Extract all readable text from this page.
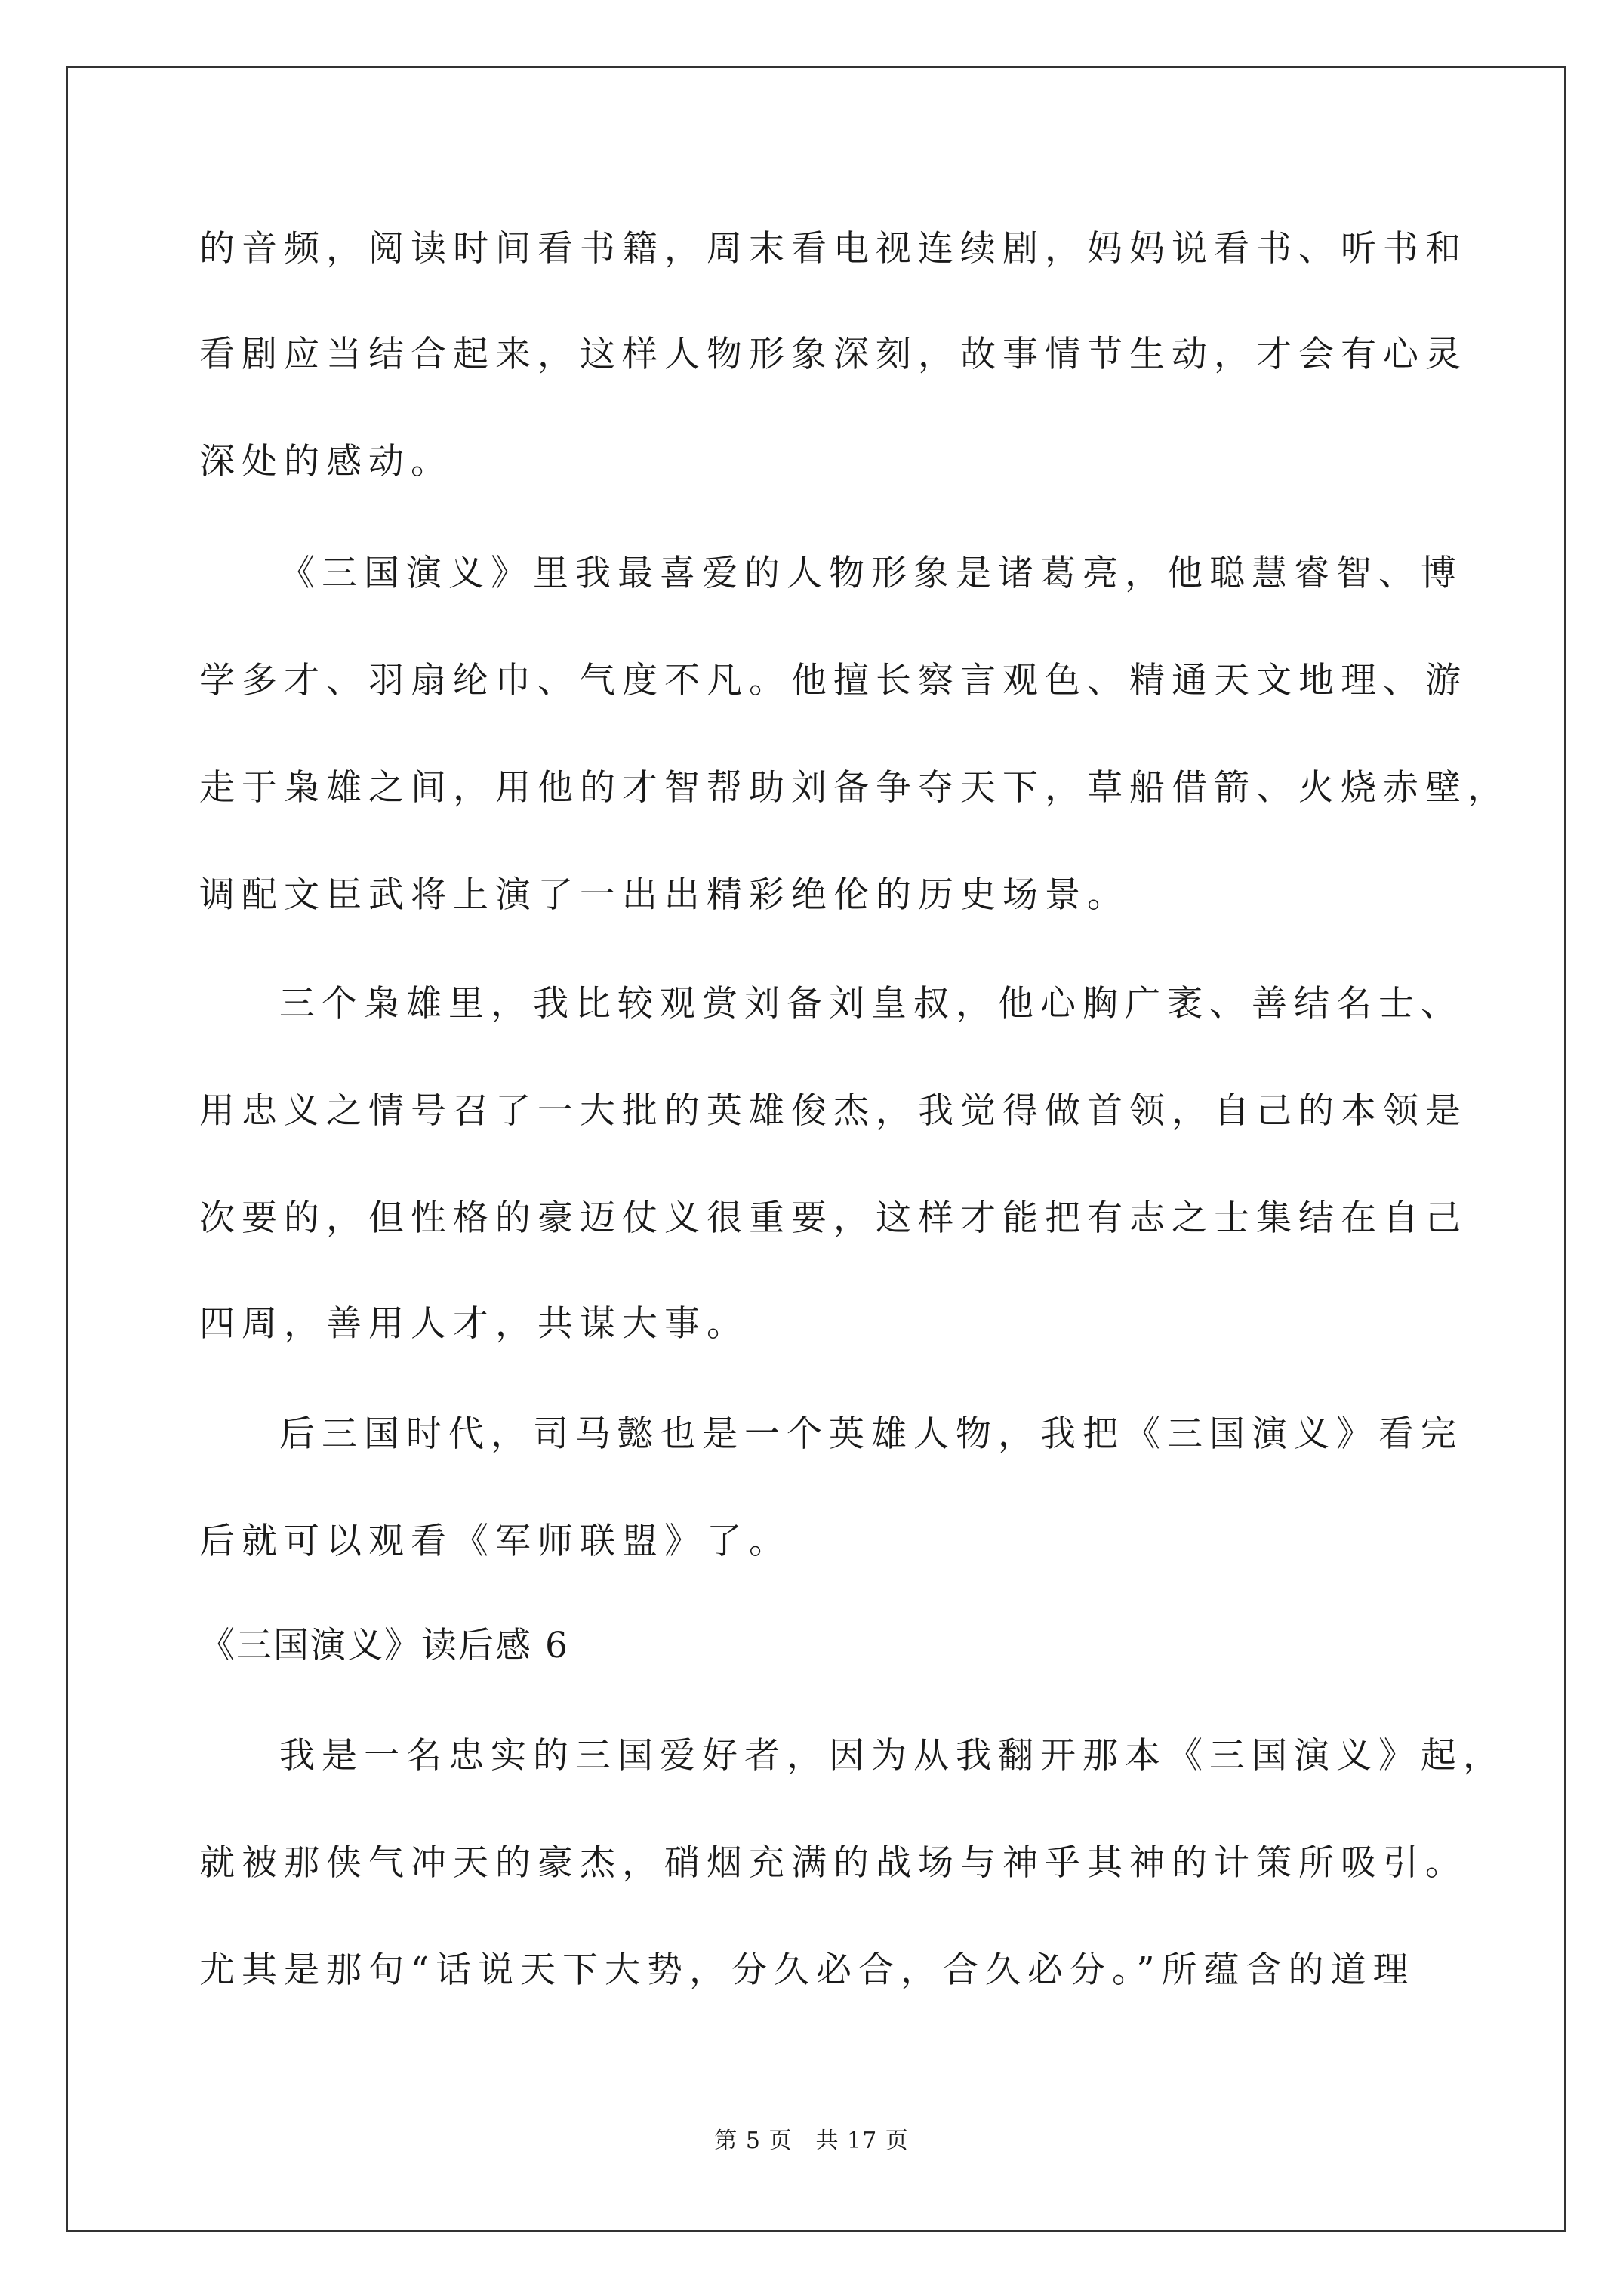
的音频，阅读时间看书籍，周末看电视连续剧，妈妈说看书、听书和
看剧应当结合起来，这样人物形象深刻，故事情节生动，才会有心灵
深处的感动。
《三国演义》里我最喜爱的人物形象是诸葛亮，他聪慧睿智、博
学多才、羽扇纶巾、气度不凡。他擅长察言观色、精通天文地理、游
走于枭雄之间，用他的才智帮助刘备争夺天下，草船借箭、火烧赤壁，
调配文臣武将上演了一出出精彩绝伦的历史场景。
三个枭雄里，我比较观赏刘备刘皇叔，他心胸广袤、善结名士、
用忠义之情号召了一大批的英雄俊杰，我觉得做首领，自己的本领是
次要的，但性格的豪迈仗义很重要，这样才能把有志之士集结在自己
四周，善用人才，共谋大事。
后三国时代，司马懿也是一个英雄人物，我把《三国演义》看完
后就可以观看《军师联盟》了。
《三国演义》读后感 6
我是一名忠实的三国爱好者，因为从我翻开那本《三国演义》起，
就被那侠气冲天的豪杰，硝烟充满的战场与神乎其神的计策所吸引。
尤其是那句“话说天下大势，分久必合，合久必分。”所蕴含的道理
第 5 页　共 17 页
